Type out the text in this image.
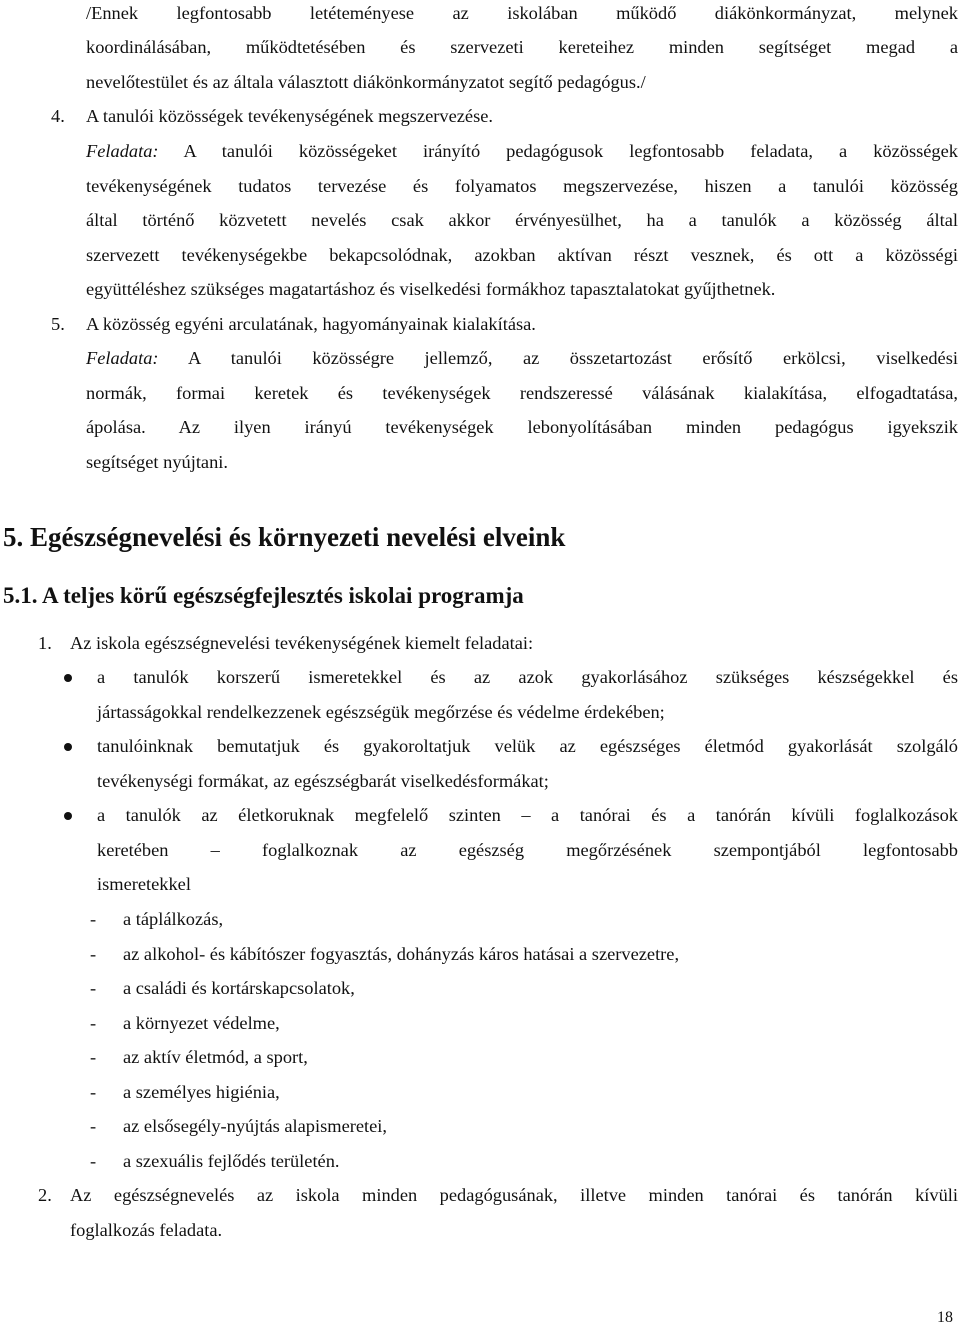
/Ennek legfontosabb letéteményese az iskolában működő diákönkormányzat, melynek
koordinálásában, működtetésében és szervezeti kereteihez minden segítséget megad a
nevelőtestület és az általa választott diákönkormányzatot segítő pedagógus./
4. A tanulói közösségek tevékenységének megszervezése.
Feladata: A tanulói közösségeket irányító pedagógusok legfontosabb feladata, a közösségek
tevékenységének tudatos tervezése és folyamatos megszervezése, hiszen a tanulói közösség
által történő közvetett nevelés csak akkor érvényesülhet, ha a tanulók a közösség által
szervezett tevékenységekbe bekapcsolódnak, azokban aktívan részt vesznek, és ott a közösségi
együttéléshez szükséges magatartáshoz és viselkedési formákhoz tapasztalatokat gyűjthetnek.
5. A közösség egyéni arculatának, hagyományainak kialakítása.
Feladata: A tanulói közösségre jellemző, az összetartozást erősítő erkölcsi, viselkedési
normák, formai keretek és tevékenységek rendszeressé válásának kialakítása, elfogadtatása,
ápolása. Az ilyen irányú tevékenységek lebonyolításában minden pedagógus igyekszik
segítséget nyújtani.
5. Egészségnevelési és környezeti nevelési elveink
5.1. A teljes körű egészségfejlesztés iskolai programja
1. Az iskola egészségnevelési tevékenységének kiemelt feladatai:
a tanulók korszerű ismeretekkel és az azok gyakorlásához szükséges készségekkel és
jártasságokkal rendelkezzenek egészségük megőrzése és védelme érdekében;
tanulóinknak bemutatjuk és gyakoroltatjuk velük az egészséges életmód gyakorlását szolgáló
tevékenységi formákat, az egészségbarát viselkedésformákat;
a tanulók az életkoruknak megfelelő szinten – a tanórai és a tanórán kívüli foglalkozások
keretében – foglalkoznak az egészség megőrzésének szempontjából legfontosabb
ismeretekkel
- a táplálkozás,
- az alkohol- és kábítószer fogyasztás, dohányzás káros hatásai a szervezetre,
- a családi és kortárskapcsolatok,
- a környezet védelme,
- az aktív életmód, a sport,
- a személyes higiénia,
- az elsősegély-nyújtás alapismeretei,
- a szexuális fejlődés területén.
2. Az egészségnevelés az iskola minden pedagógusának, illetve minden tanórai és tanórán kívüli
foglalkozás feladata.
18
